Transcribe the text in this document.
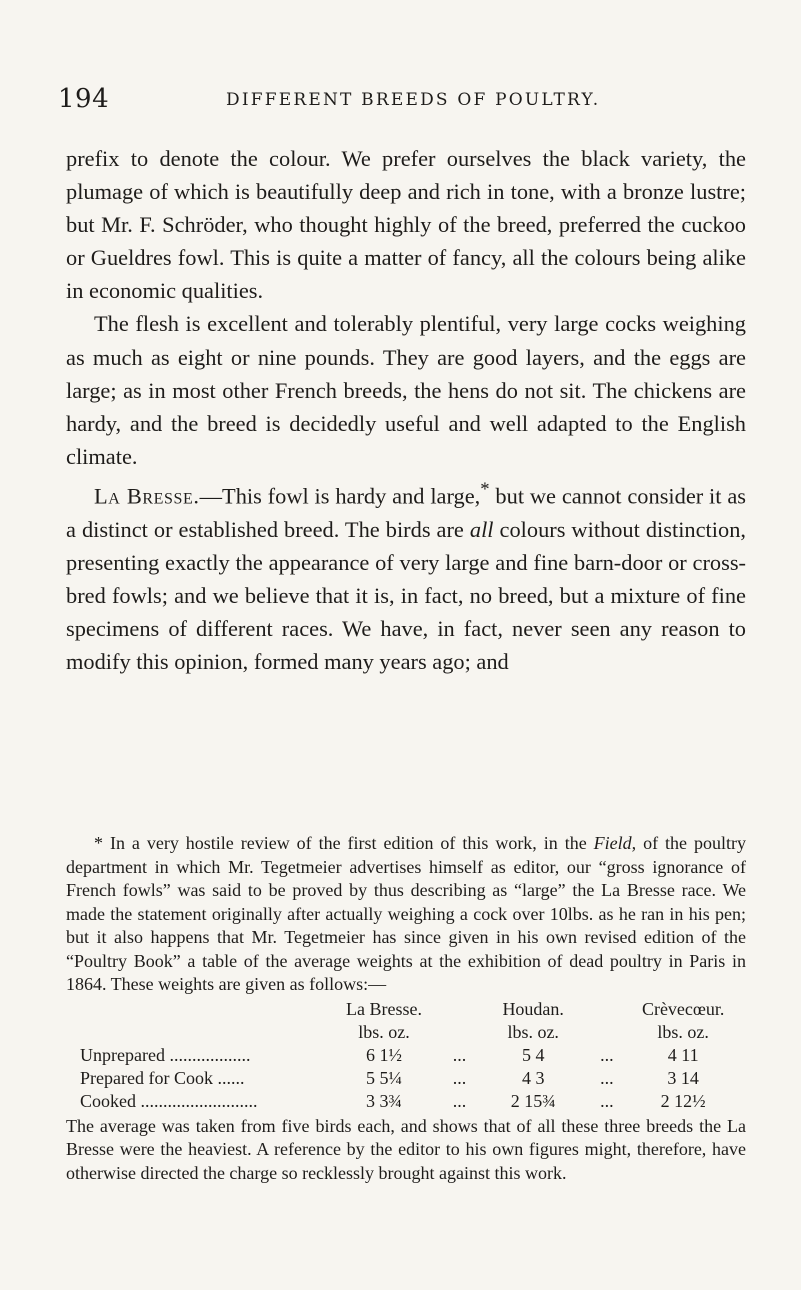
194	DIFFERENT BREEDS OF POULTRY.

prefix to denote the colour. We prefer ourselves the black variety, the plumage of which is beautifully deep and rich in tone, with a bronze lustre; but Mr. F. Schröder, who thought highly of the breed, preferred the cuckoo or Gueldres fowl. This is quite a matter of fancy, all the colours being alike in economic qualities.

The flesh is excellent and tolerably plentiful, very large cocks weighing as much as eight or nine pounds. They are good layers, and the eggs are large; as in most other French breeds, the hens do not sit. The chickens are hardy, and the breed is decidedly useful and well adapted to the English climate.

La Bresse.—This fowl is hardy and large,* but we cannot consider it as a distinct or established breed. The birds are all colours without distinction, presenting exactly the appearance of very large and fine barn-door or cross-bred fowls; and we believe that it is, in fact, no breed, but a mixture of fine specimens of different races. We have, in fact, never seen any reason to modify this opinion, formed many years ago; and

* In a very hostile review of the first edition of this work, in the Field, of the poultry department in which Mr. Tegetmeier advertises himself as editor, our “gross ignorance of French fowls” was said to be proved by thus describing as “large” the La Bresse race. We made the statement originally after actually weighing a cock over 10lbs. as he ran in his pen; but it also happens that Mr. Tegetmeier has since given in his own revised edition of the “Poultry Book” a table of the average weights at the exhibition of dead poultry in Paris in 1864. These weights are given as follows:—

	La Bresse.		Houdan.		Crèvecœur.
	lbs. oz.		lbs. oz.		lbs. oz.
Unprepared ..................	6 1½	...	5 4	...	4 11
Prepared for Cook ......	5 5¼	...	4 3	...	3 14
Cooked ..........................	3 3¾	...	2 15¾	...	2 12½

The average was taken from five birds each, and shows that of all these three breeds the La Bresse were the heaviest. A reference by the editor to his own figures might, therefore, have otherwise directed the charge so recklessly brought against this work.
